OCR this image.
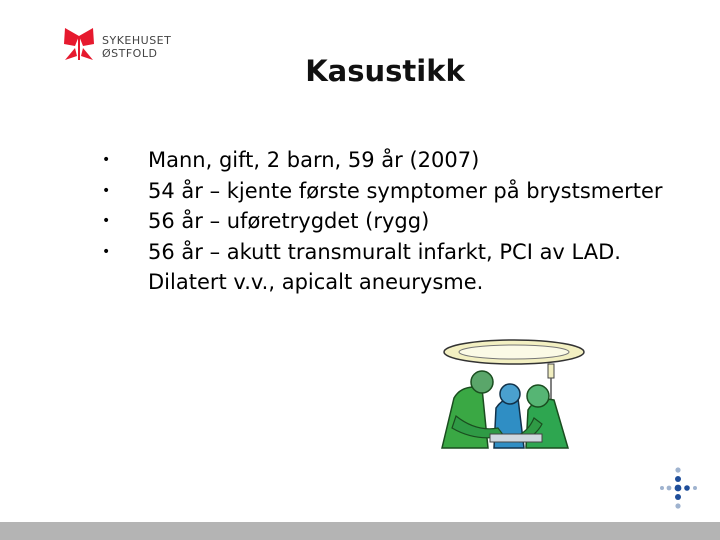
SYKEHUSET
ØSTFOLD
Kasustikk
• Mann, gift, 2 barn, 59 år (2007)
• 54 år – kjente første symptomer på brystsmerter
• 56 år – uføretrygdet (rygg)
• 56 år – akutt transmuralt infarkt, PCI av LAD. Dilatert v.v., apicalt aneurysme.
